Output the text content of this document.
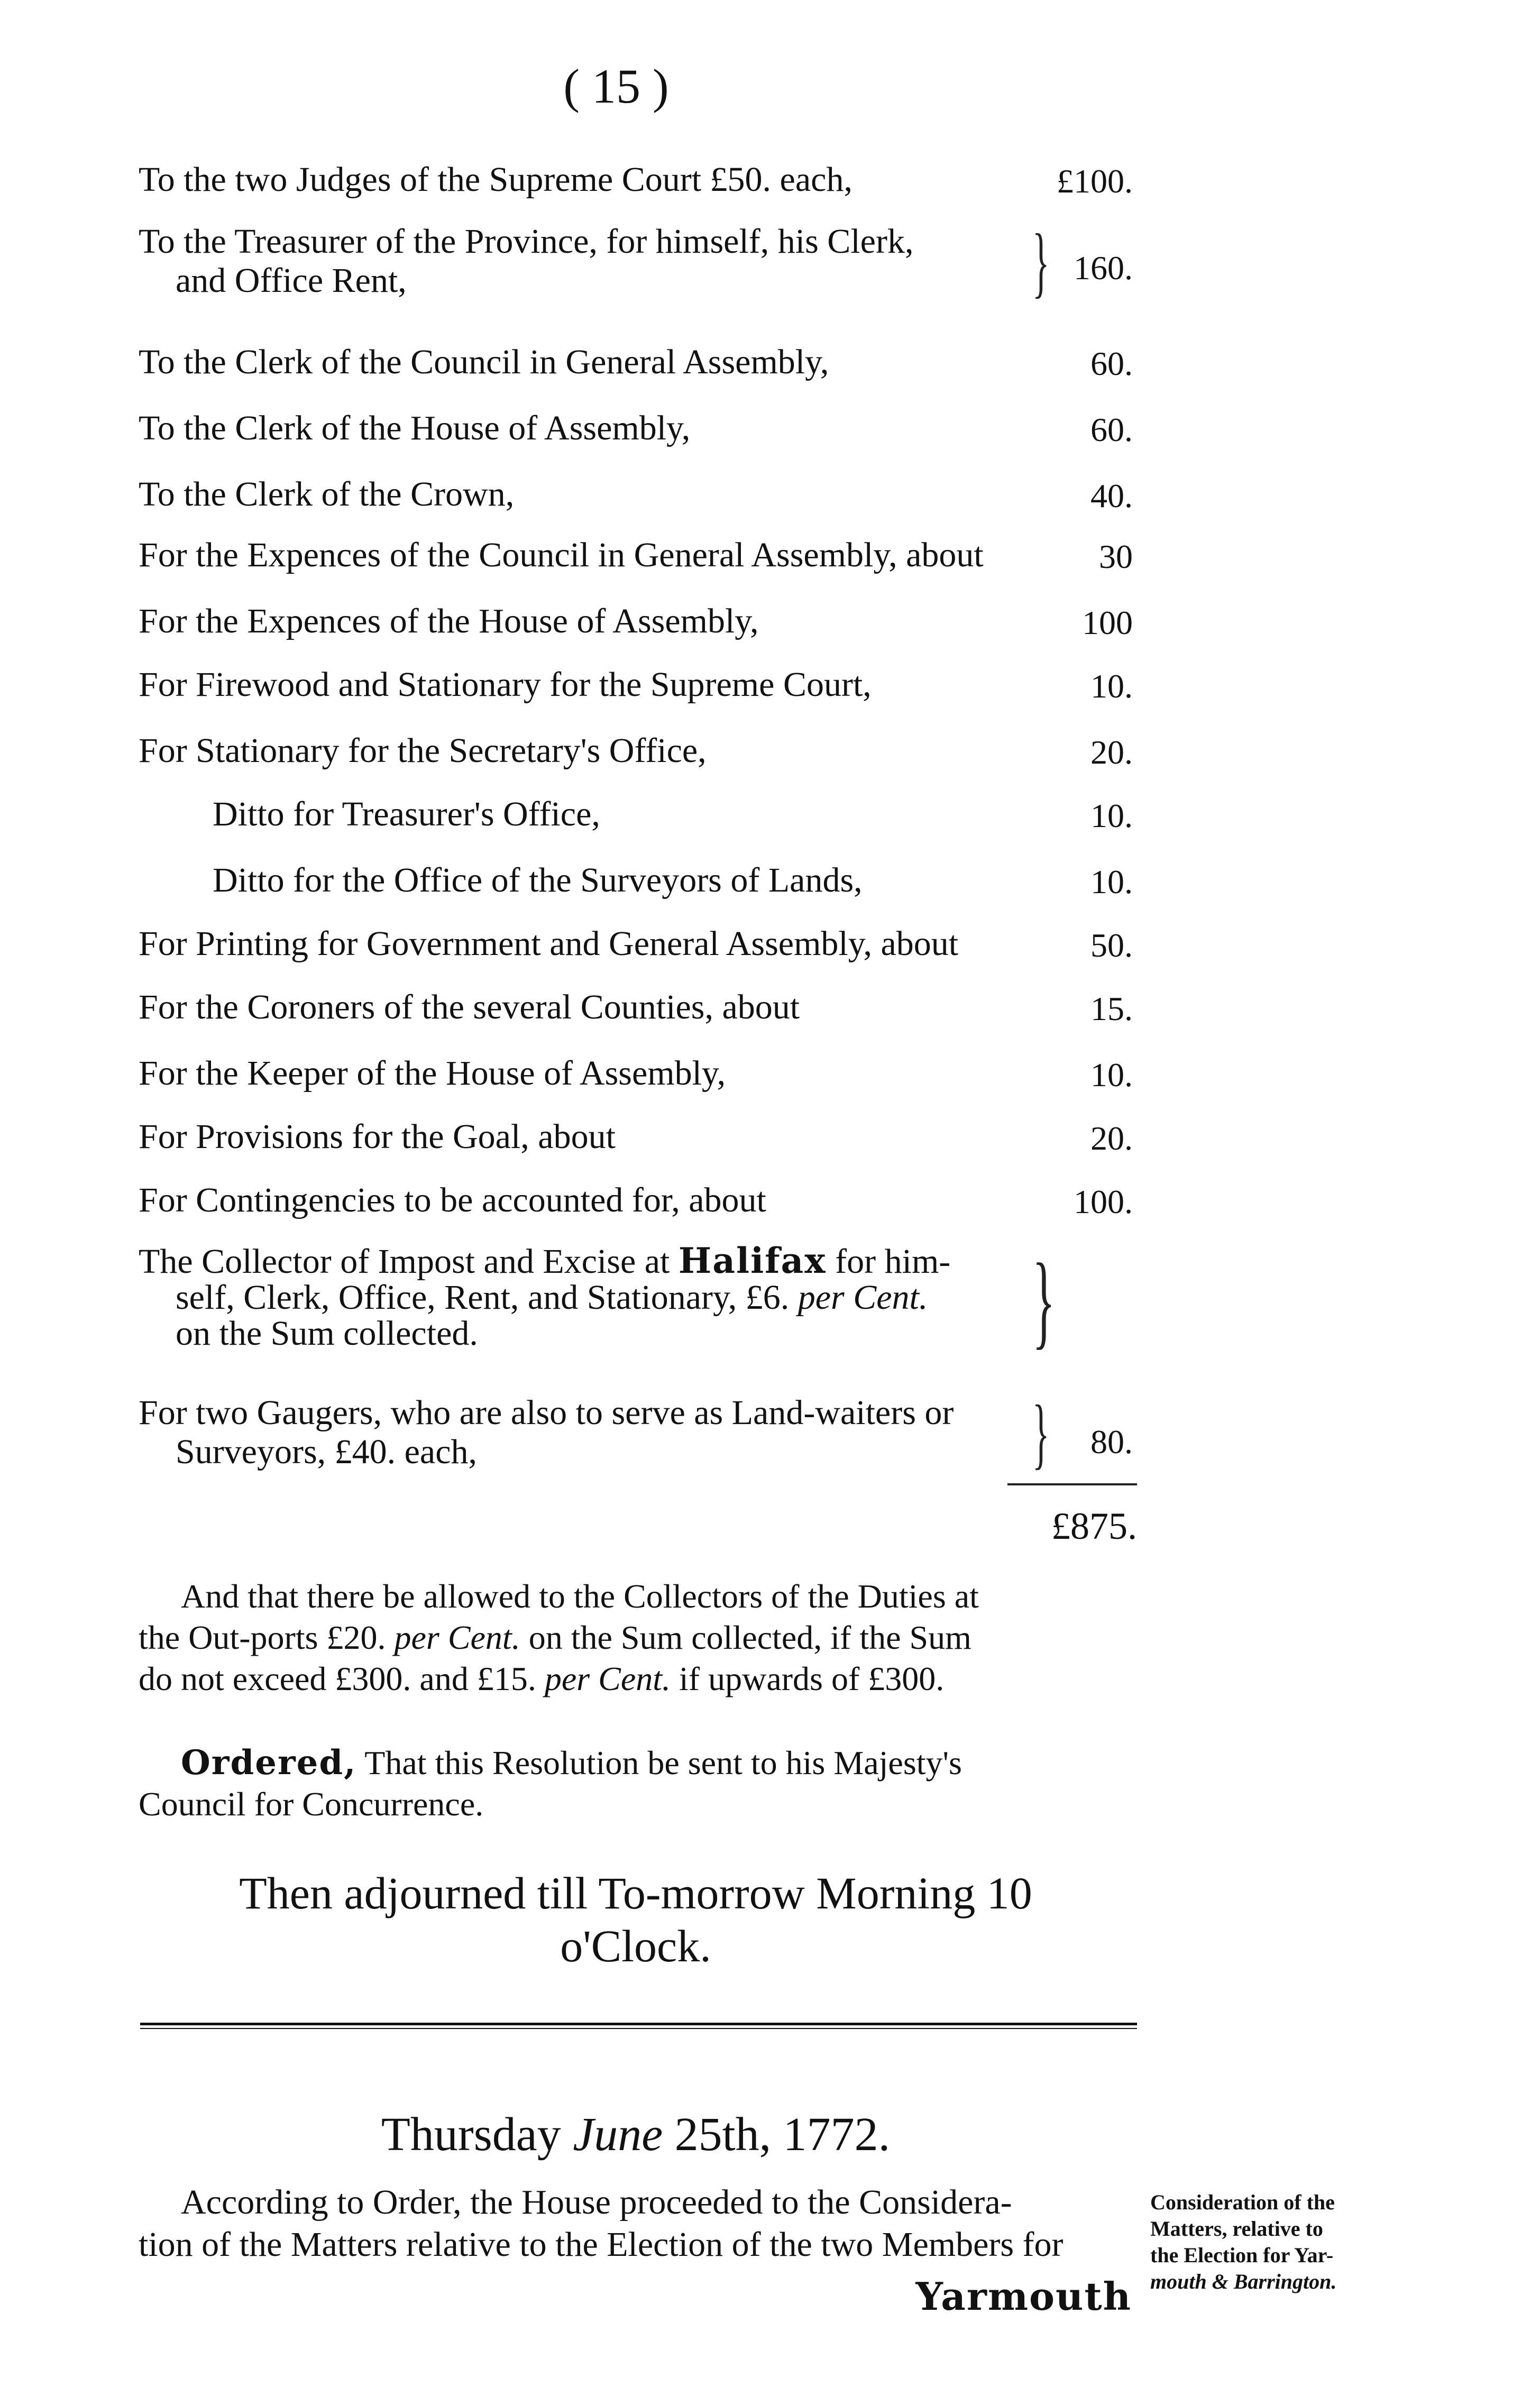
( 15 )
To the two Judges of the Supreme Court £50. each,	£100.
To the Treasurer of the Province, for himself, his Clerk,
and Office Rent,	} 160.
To the Clerk of the Council in General Assembly,	60.
To the Clerk of the House of Assembly,	60.
To the Clerk of the Crown,	40.
For the Expences of the Council in General Assembly, about	30
For the Expences of the House of Assembly,	100
For Firewood and Stationary for the Supreme Court,	10.
For Stationary for the Secretary's Office,	20.
Ditto for Treasurer's Office,	10.
Ditto for the Office of the Surveyors of Lands,	10.
For Printing for Government and General Assembly, about	50.
For the Coroners of the several Counties, about	15.
For the Keeper of the House of Assembly,	10.
For Provisions for the Goal, about	20.
For Contingencies to be accounted for, about	100.
The Collector of Impost and Excise at Halifax for him-
self, Clerk, Office, Rent, and Stationary, £6. per Cent.
on the Sum collected.	}
For two Gaugers, who are also to serve as Land-waiters or
Surveyors, £40. each,	}	80.
£875.
And that there be allowed to the Collectors of the Duties at
the Out-ports £20. per Cent. on the Sum collected, if the Sum
do not exceed £300. and £15. per Cent. if upwards of £300.
Ordered, That this Resolution be sent to his Majesty's
Council for Concurrence.
Then adjourned till To-morrow Morning 10
o'Clock.
Thursday June 25th, 1772.
According to Order, the House proceeded to the Considera-
tion of the Matters relative to the Election of the two Members for
Yarmouth
Consideration of the
Matters, relative to
the Election for Yar-
mouth & Barrington.
